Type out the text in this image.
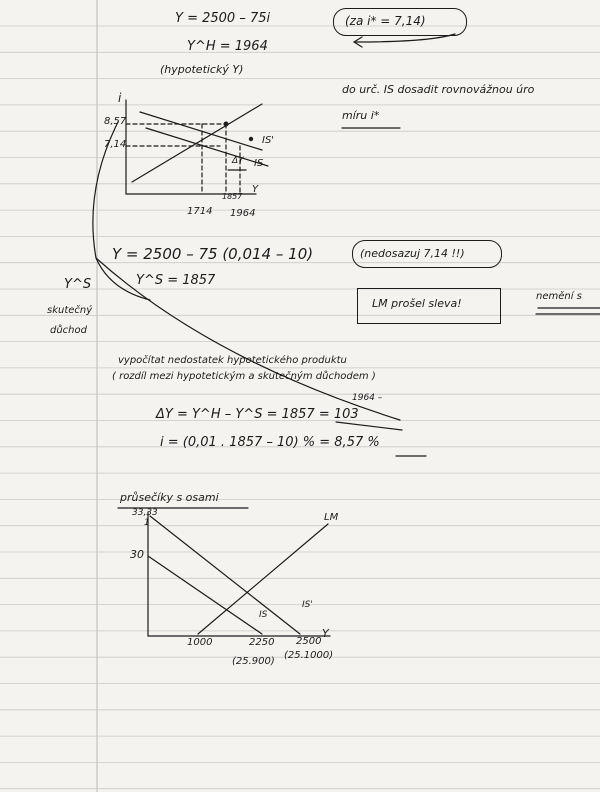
Y = 2500 – 75i
Y^H = 1964
(hypotetický Y)
(za i* = 7,14)
do urč. IS dosadit rovnovážnou úro
míru i*
i
8,57
7,14	IS'
ΔY IS
Y
1714
1857
1964
Y = 2500 – 75 (0,014 – 10)	(nedosazuj 7,14 !!)
Y^S = 1857
Y^S
skutečný
důchod
LM prošel sleva!
nemění s
vypočítat nedostatek hypotetického produktu
( rozdíl mezi hypotetickým a skutečným důchodem )
1964 –
ΔY = Y^H – Y^S = 1857 = 103
i = (0,01 . 1857 – 10) % = 8,57 %
průsečíky s osami
33,33
1
30
LM
IS
IS'
Y
1000	2250 2500
(25.900)
(25.1000)
